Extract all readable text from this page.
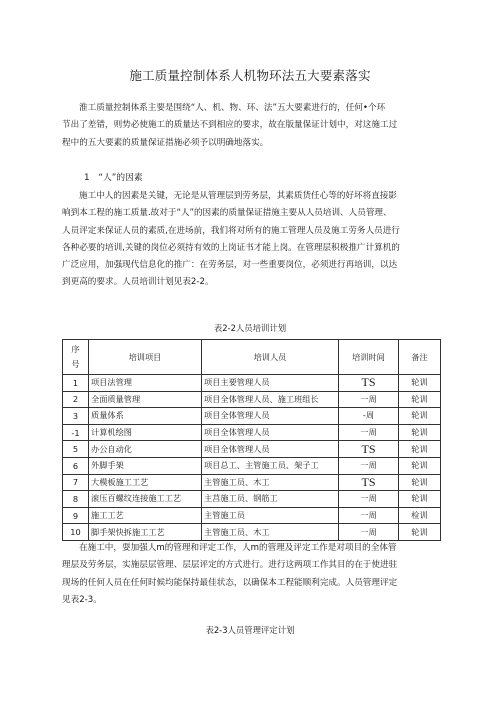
施工质量控制体系人机物环法五大要素落实
淮工质量控制体系主要是围绕“人、机、物、环、法”五大要素进行的，任何•个环
节出了差错，则势必使施工的质量达不到相应的要求，故在版量保证计划中，对这施工过
程中的五大要素的质量保证措施必须予以明确地落实。
1　“人”的因素
施工中人的因素是关键，无论是从管理层到劳务层，其素质货任心等的好坏将直接影
响到本工程的施工质量.故对于“人”的因素的质量保证措施主要从人员培训、人员管理、
人员评定来保证人员的素质,在进场前，我们将对所有的施工管理人员及施工劳务人员进行
各种必要的培训,关键的岗位必须持有效的上岗证书才能上岗。在管理层积极推广计算机的
广泛应用，加强现代信息化的推广：在劳务层，对一些重要岗位，必须进行再培训，以达
到更高的要求。人员培训计划见表2-2。
表2-2人员培训计划
序
号	培训项目	培训人员	培训时间	备注
1	项目法管理	项目主要管理人员	TS	轮训
2	全面质量管理	项目全体管理人员、施工班组长	一周	轮训
3	质量体系	项目全体管理人员	-周	轮训
-1	计算机绘图	项目全体管理人员	一周	轮训
5	办公自动化	项目全体管理人员	TS	轮训
6	外脚手架	项目总工、主管施工员、架子工	一周	轮训
7	大模板施工工艺	主管施工员、木工	TS	轮训
8	滚压百螺纹连接施工工艺	主莒施工员、钢筋工	一周	轮训
9	施工工艺	主管施工员	一周	检训
10	脚手架快拆施工工艺	主管施工员、木工	一周	轮训
在施工中，耍加强人m的管理和评定工作，人m的管理及评定工作是对项目的全体管
理层及劳务层，实施层层管理、层层评定的方式进行。进行这两项工作其目的在于使进驻
现场的任何人员在任何时候均能保持最佳状态，以确保本工程能顺利完成。人员管理评定
见表2-3。
表2-3人员管理评定计划
